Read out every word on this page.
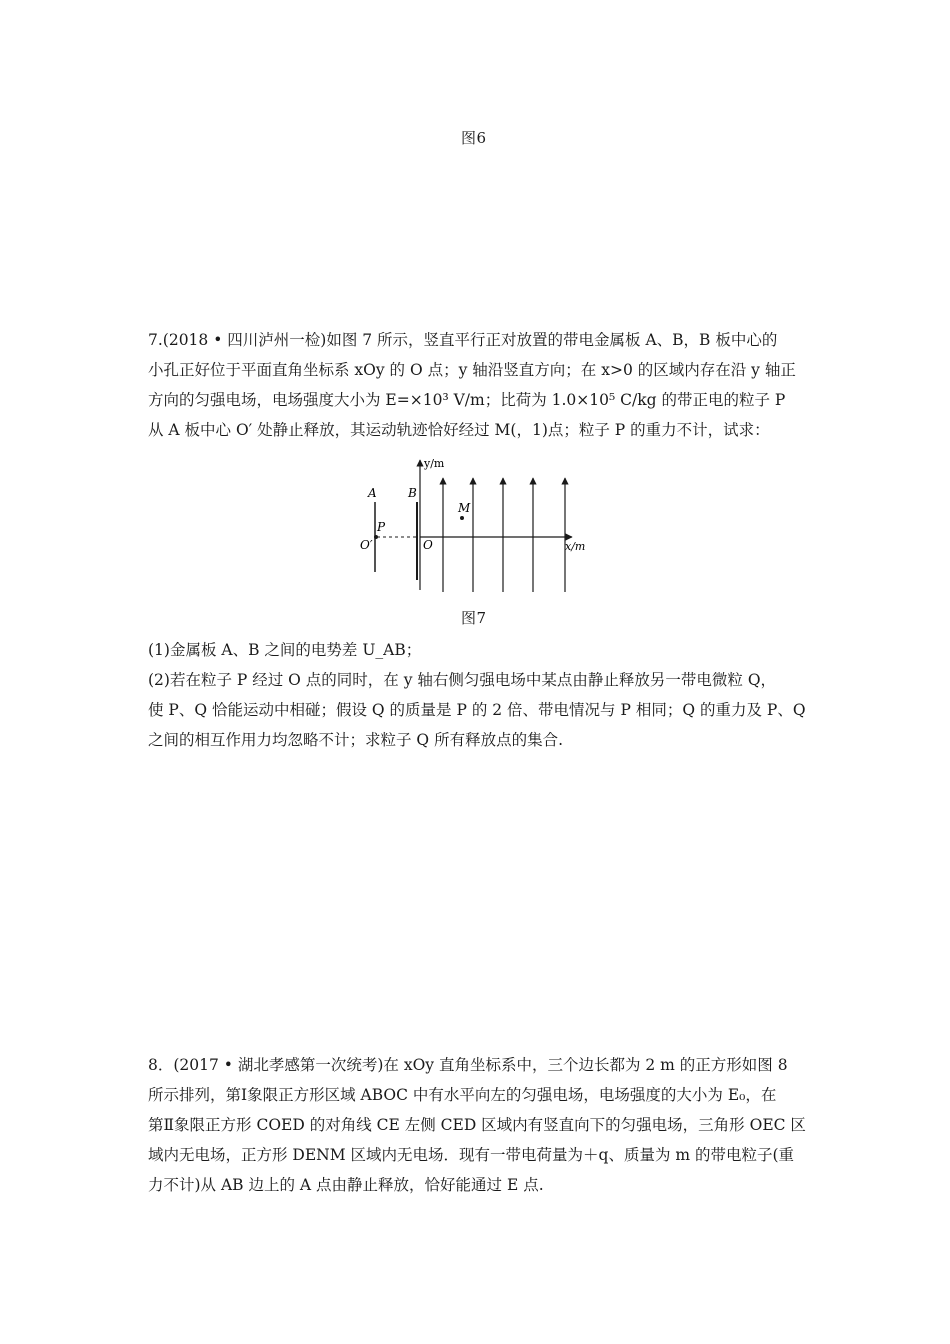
图6
7.(2018 • 四川泸州一检)如图 7 所示，竖直平行正对放置的带电金属板 A、B，B 板中心的
小孔正好位于平面直角坐标系 xOy 的 O 点；y 轴沿竖直方向；在 x>0 的区域内存在沿 y 轴正
方向的匀强电场，电场强度大小为 E=×10³ V/m；比荷为 1.0×10⁵ C/kg 的带正电的粒子 P
从 A 板中心 O′ 处静止释放，其运动轨迹恰好经过 M(，1)点；粒子 P 的重力不计，试求：
y/m
x/m
A	B
P
O′	O
M
图7
(1)金属板 A、B 之间的电势差 U_AB；
(2)若在粒子 P 经过 O 点的同时，在 y 轴右侧匀强电场中某点由静止释放另一带电微粒 Q，
使 P、Q 恰能运动中相碰；假设 Q 的质量是 P 的 2 倍、带电情况与 P 相同；Q 的重力及 P、Q
之间的相互作用力均忽略不计；求粒子 Q 所有释放点的集合.
8．(2017 • 湖北孝感第一次统考)在 xOy 直角坐标系中，三个边长都为 2 m 的正方形如图 8
所示排列，第Ⅰ象限正方形区域 ABOC 中有水平向左的匀强电场，电场强度的大小为 E₀，在
第Ⅱ象限正方形 COED 的对角线 CE 左侧 CED 区域内有竖直向下的匀强电场，三角形 OEC 区
域内无电场，正方形 DENM 区域内无电场．现有一带电荷量为＋q、质量为 m 的带电粒子(重
力不计)从 AB 边上的 A 点由静止释放，恰好能通过 E 点.
